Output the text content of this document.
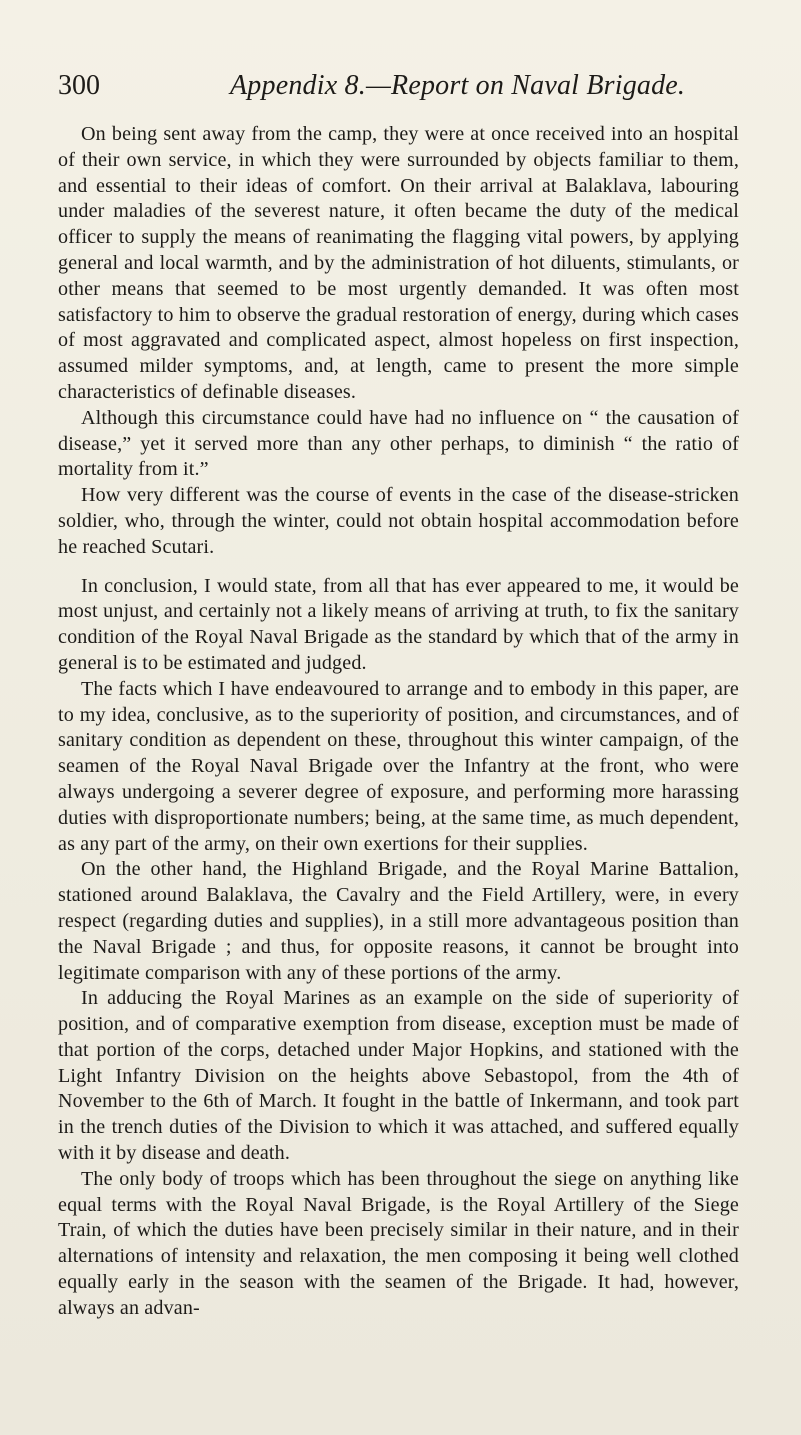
300	Appendix 8.—Report on Naval Brigade.

On being sent away from the camp, they were at once received into an hospital of their own service, in which they were surrounded by objects familiar to them, and essential to their ideas of comfort. On their arrival at Balaklava, labouring under maladies of the severest nature, it often became the duty of the medical officer to supply the means of reanimating the flagging vital powers, by applying general and local warmth, and by the administration of hot diluents, stimulants, or other means that seemed to be most urgently demanded. It was often most satisfactory to him to observe the gradual restoration of energy, during which cases of most aggravated and complicated aspect, almost hopeless on first inspection, assumed milder symptoms, and, at length, came to present the more simple characteristics of definable diseases.

Although this circumstance could have had no influence on “ the causation of disease,” yet it served more than any other perhaps, to diminish “ the ratio of mortality from it.”

How very different was the course of events in the case of the disease-stricken soldier, who, through the winter, could not obtain hospital accommodation before he reached Scutari.

In conclusion, I would state, from all that has ever appeared to me, it would be most unjust, and certainly not a likely means of arriving at truth, to fix the sanitary condition of the Royal Naval Brigade as the standard by which that of the army in general is to be estimated and judged.

The facts which I have endeavoured to arrange and to embody in this paper, are to my idea, conclusive, as to the superiority of position, and circumstances, and of sanitary condition as dependent on these, throughout this winter campaign, of the seamen of the Royal Naval Brigade over the Infantry at the front, who were always undergoing a severer degree of exposure, and performing more harassing duties with disproportionate numbers; being, at the same time, as much dependent, as any part of the army, on their own exertions for their supplies.

On the other hand, the Highland Brigade, and the Royal Marine Battalion, stationed around Balaklava, the Cavalry and the Field Artillery, were, in every respect (regarding duties and supplies), in a still more advantageous position than the Naval Brigade ; and thus, for opposite reasons, it cannot be brought into legitimate comparison with any of these portions of the army.

In adducing the Royal Marines as an example on the side of superiority of position, and of comparative exemption from disease, exception must be made of that portion of the corps, detached under Major Hopkins, and stationed with the Light Infantry Division on the heights above Sebastopol, from the 4th of November to the 6th of March. It fought in the battle of Inkermann, and took part in the trench duties of the Division to which it was attached, and suffered equally with it by disease and death.

The only body of troops which has been throughout the siege on anything like equal terms with the Royal Naval Brigade, is the Royal Artillery of the Siege Train, of which the duties have been precisely similar in their nature, and in their alternations of intensity and relaxation, the men composing it being well clothed equally early in the season with the seamen of the Brigade. It had, however, always an advan-
